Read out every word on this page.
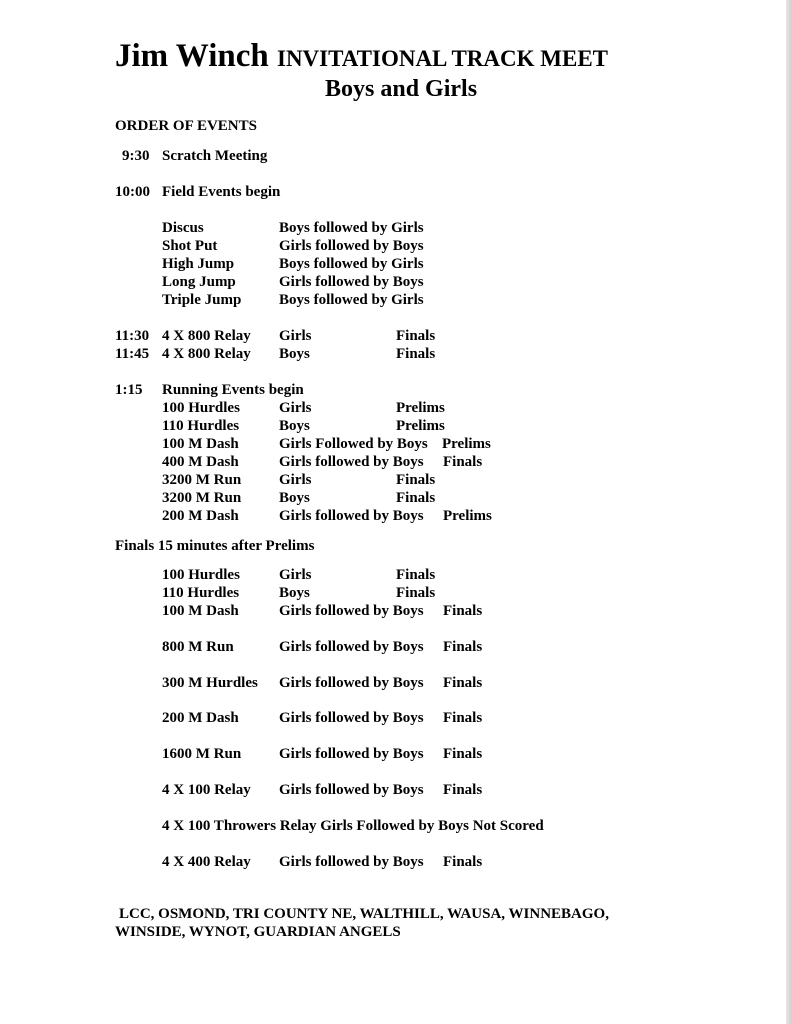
Jim Winch INVITATIONAL TRACK MEET
Boys and Girls
ORDER OF EVENTS
9:30 Scratch Meeting
10:00 Field Events begin
Discus	Boys followed by Girls
Shot Put	Girls followed by Boys
High Jump	Boys followed by Girls
Long Jump	Girls followed by Boys
Triple Jump	Boys followed by Girls
11:30 4 X 800 Relay Girls	Finals
11:45 4 X 800 Relay Boys	Finals
1:15 Running Events begin
100 Hurdles	Girls	Prelims
110 Hurdles	Boys	Prelims
100 M Dash	Girls Followed by Boys Prelims
400 M Dash	Girls followed by Boys Finals
3200 M Run	Girls	Finals
3200 M Run	Boys	Finals
200 M Dash	Girls followed by Boys Prelims
Finals 15 minutes after Prelims
100 Hurdles	Girls	Finals
110 Hurdles	Boys	Finals
100 M Dash	Girls followed by Boys Finals
800 M Run	Girls followed by Boys Finals
300 M Hurdles Girls followed by Boys Finals
200 M Dash	Girls followed by Boys Finals
1600 M Run	Girls followed by Boys Finals
4 X 100 Relay Girls followed by Boys Finals
4 X 100 Throwers Relay Girls Followed by Boys Not Scored
4 X 400 Relay Girls followed by Boys Finals
LCC, OSMOND, TRI COUNTY NE, WALTHILL, WAUSA, WINNEBAGO,
WINSIDE, WYNOT, GUARDIAN ANGELS
